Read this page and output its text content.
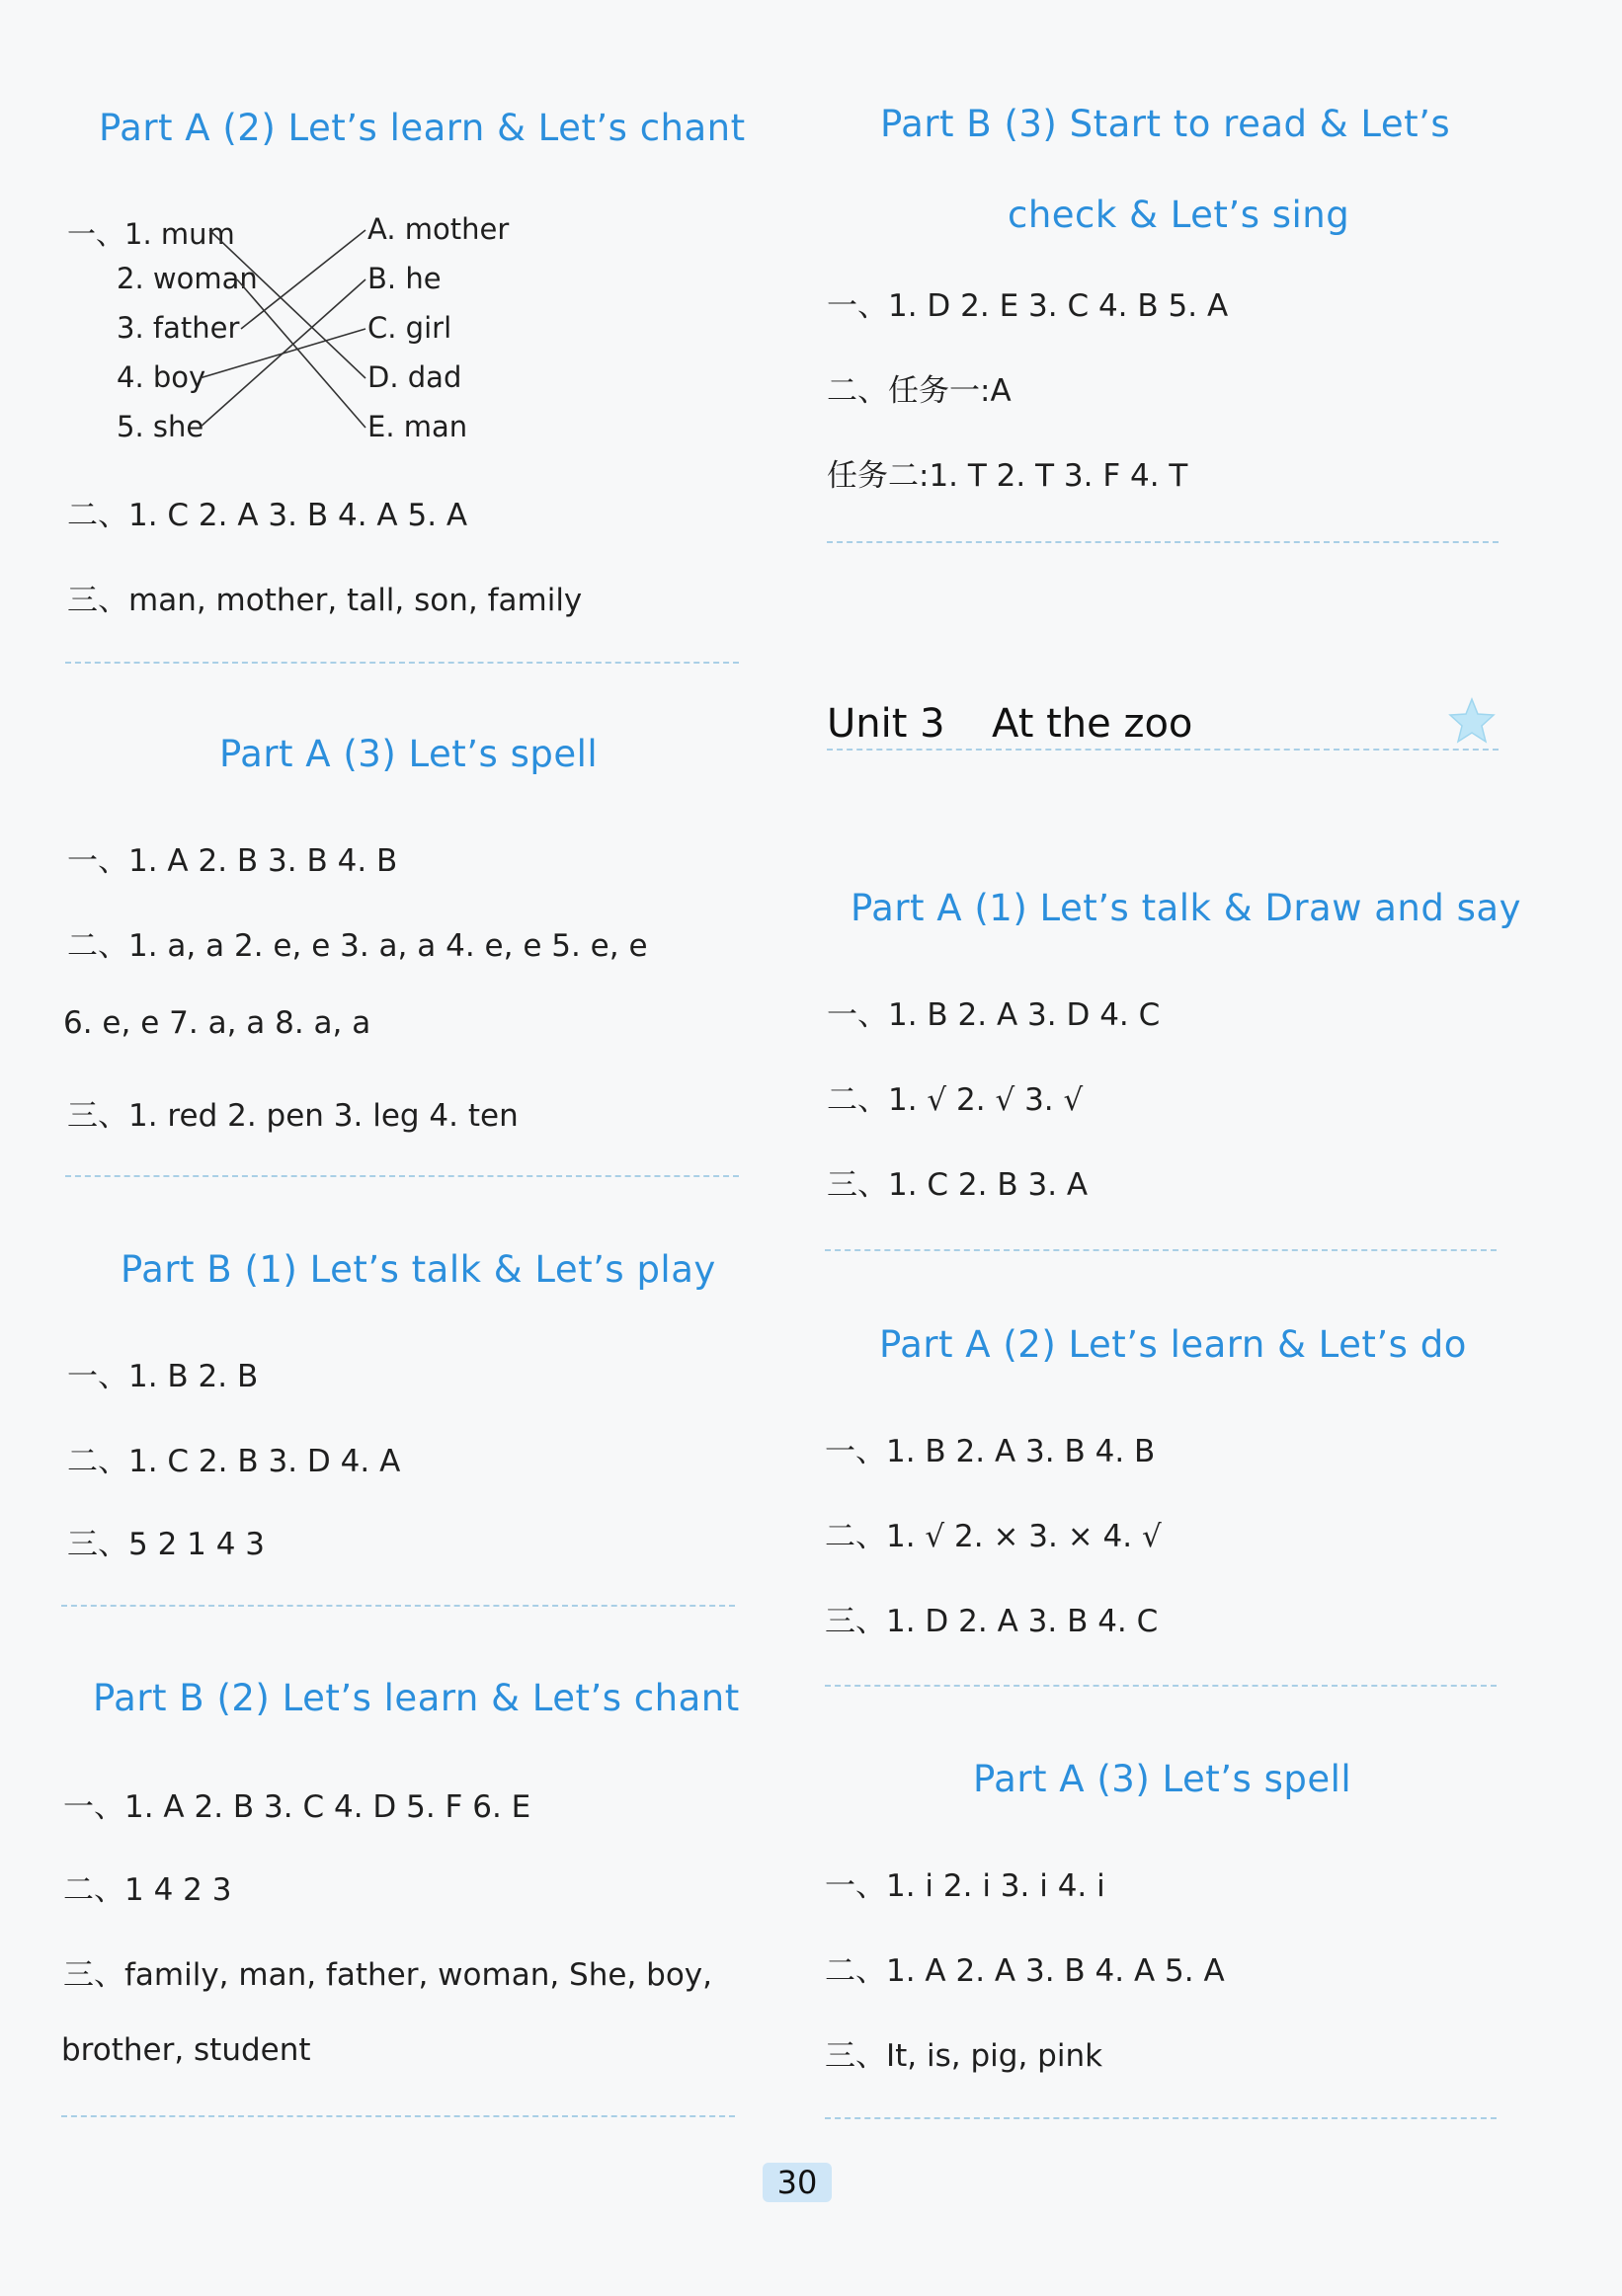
Part A (2) Let’s learn & Let’s chant
一、1. mum
2. woman
3. father
4. boy
5. she
A. mother
B. he
C. girl
D. dad
E. man
二、1. C 2. A 3. B 4. A 5. A
三、man, mother, tall, son, family
Part A (3) Let’s spell
一、1. A 2. B 3. B 4. B
二、1. a, a 2. e, e 3. a, a 4. e, e 5. e, e
6. e, e 7. a, a 8. a, a
三、1. red 2. pen 3. leg 4. ten
Part B (1) Let’s talk & Let’s play
一、1. B 2. B
二、1. C 2. B 3. D 4. A
三、5 2 1 4 3
Part B (2) Let’s learn & Let’s chant
一、1. A 2. B 3. C 4. D 5. F 6. E
二、1 4 2 3
三、family, man, father, woman, She, boy,
brother, student
Part B (3) Start to read & Let’s
check & Let’s sing
一、1. D 2. E 3. C 4. B 5. A
二、任务一:A
任务二:1. T 2. T 3. F 4. T
Unit 3 At the zoo
Part A (1) Let’s talk & Draw and say
一、1. B 2. A 3. D 4. C
二、1. √ 2. √ 3. √
三、1. C 2. B 3. A
Part A (2) Let’s learn & Let’s do
一、1. B 2. A 3. B 4. B
二、1. √ 2. × 3. × 4. √
三、1. D 2. A 3. B 4. C
Part A (3) Let’s spell
一、1. i 2. i 3. i 4. i
二、1. A 2. A 3. B 4. A 5. A
三、It, is, pig, pink
30
